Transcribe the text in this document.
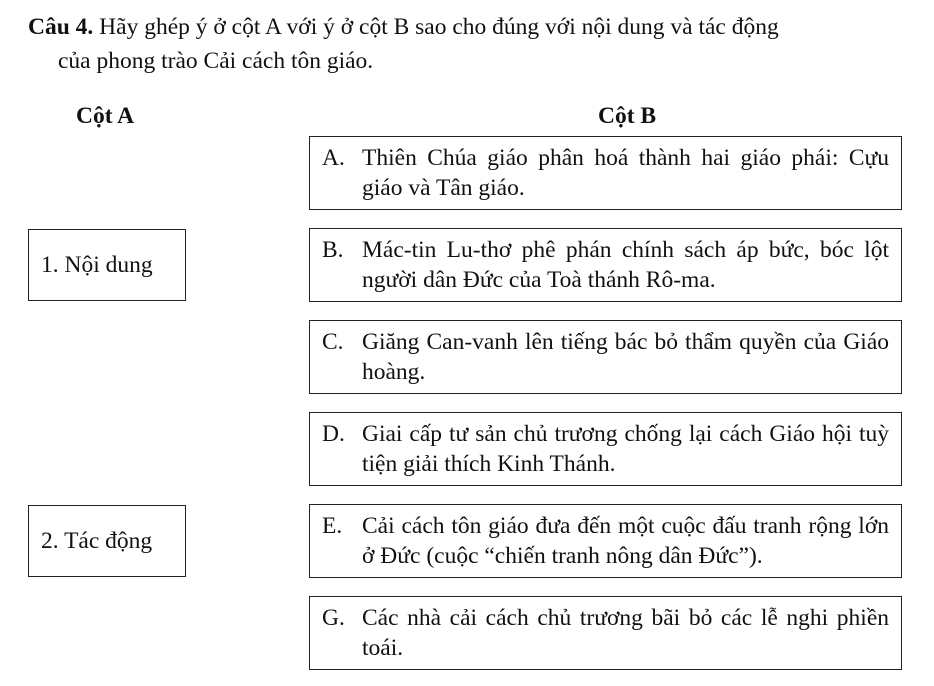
Câu 4. Hãy ghép ý ở cột A với ý ở cột B sao cho đúng với nội dung và tác động
của phong trào Cải cách tôn giáo.

Cột A	Cột B
1. Nội dung
2. Tác động
A. Thiên Chúa giáo phân hoá thành hai giáo phái: Cựu giáo và Tân giáo.
B. Mác-tin Lu-thơ phê phán chính sách áp bức, bóc lột người dân Đức của Toà thánh Rô-ma.
C. Giăng Can-vanh lên tiếng bác bỏ thẩm quyền của Giáo hoàng.
D. Giai cấp tư sản chủ trương chống lại cách Giáo hội tuỳ tiện giải thích Kinh Thánh.
E. Cải cách tôn giáo đưa đến một cuộc đấu tranh rộng lớn ở Đức (cuộc “chiến tranh nông dân Đức”).
G. Các nhà cải cách chủ trương bãi bỏ các lễ nghi phiền toái.
